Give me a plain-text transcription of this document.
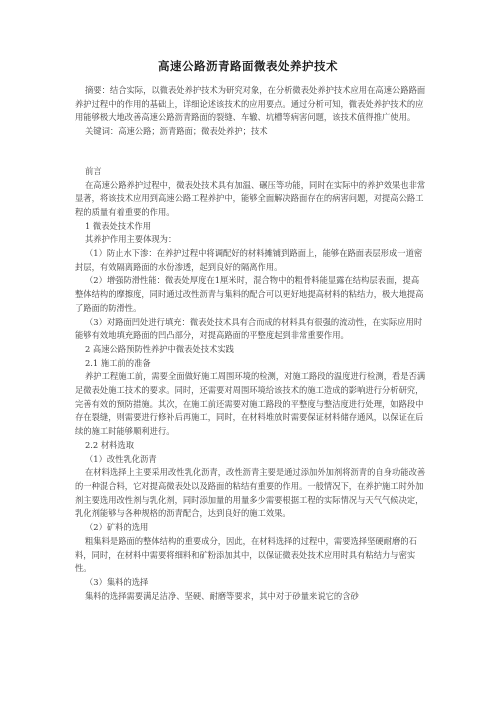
高速公路沥青路面微表处养护技术

摘要：结合实际，以微表处养护技术为研究对象，在分析微表处养护技术应用在高速公路路面养护过程中的作用的基础上，详细论述该技术的应用要点。通过分析可知，微表处养护技术的应用能够极大地改善高速公路沥青路面的裂缝、车辙、坑槽等病害问题，该技术值得推广使用。

关键词：高速公路；沥青路面；微表处养护；技术

前言

在高速公路养护过程中，微表处技术具有加温、碾压等功能，同时在实际中的养护效果也非常显著，将该技术应用到高速公路工程养护中，能够全面解决路面存在的病害问题，对提高公路工程的质量有着重要的作用。

1 微表处技术作用

其养护作用主要体现为：

（1）防止水下渗：在养护过程中将调配好的材料摊铺到路面上，能够在路面表层形成一道密封层，有效隔离路面的水份渗透，起到良好的隔离作用。

（2）增强防滑性能：微表处厚度在1厘米时，混合物中的粗骨料能显露在结构层表面，提高整体结构的摩擦度，同时通过改性沥青与集料的配合可以更好地提高材料的粘结力，极大地提高了路面的防滑性。

（3）对路面凹处进行填充：微表处技术具有合而成的材料具有很强的流动性，在实际应用时能够有效地填充路面的凹凸部分，对提高路面的平整度起到非常重要作用。

2 高速公路预防性养护中微表处技术实践

2.1 施工前的准备

养护工程施工前，需要全面做好施工周围环境的检测，对施工路段的温度进行检测，看是否满足微表处施工技术的要求。同时，还需要对周围环境给该技术的施工造成的影响进行分析研究，完善有效的预防措施。其次，在施工前还需要对施工路段的平整度与整洁度进行处理，如路段中存在裂缝，则需要进行修补后再施工，同时，在材料堆放时需要保证材料储存通风，以保证在后续的施工时能够顺利进行。

2.2 材料选取

（1）改性乳化沥青

在材料选择上主要采用改性乳化沥青，改性沥青主要是通过添加外加剂将沥青的自身功能改善的一种混合料，它对提高微表处以及路面的粘结有重要的作用。一般情况下，在养护施工时外加剂主要选用改性剂与乳化剂，同时添加量的用量多少需要根据工程的实际情况与天气气候决定，乳化剂能够与各种规格的沥青配合，达到良好的施工效果。

（2）矿料的选用

粗集料是路面的整体结构的重要成分，因此，在材料选择的过程中，需要选择坚硬耐磨的石料，同时，在材料中需要将细料和矿粉添加其中，以保证微表处技术应用时具有粘结力与密实性。

（3）集料的选择

集料的选择需要满足洁净、坚硬、耐磨等要求，其中对于砂量来说它的含砂
